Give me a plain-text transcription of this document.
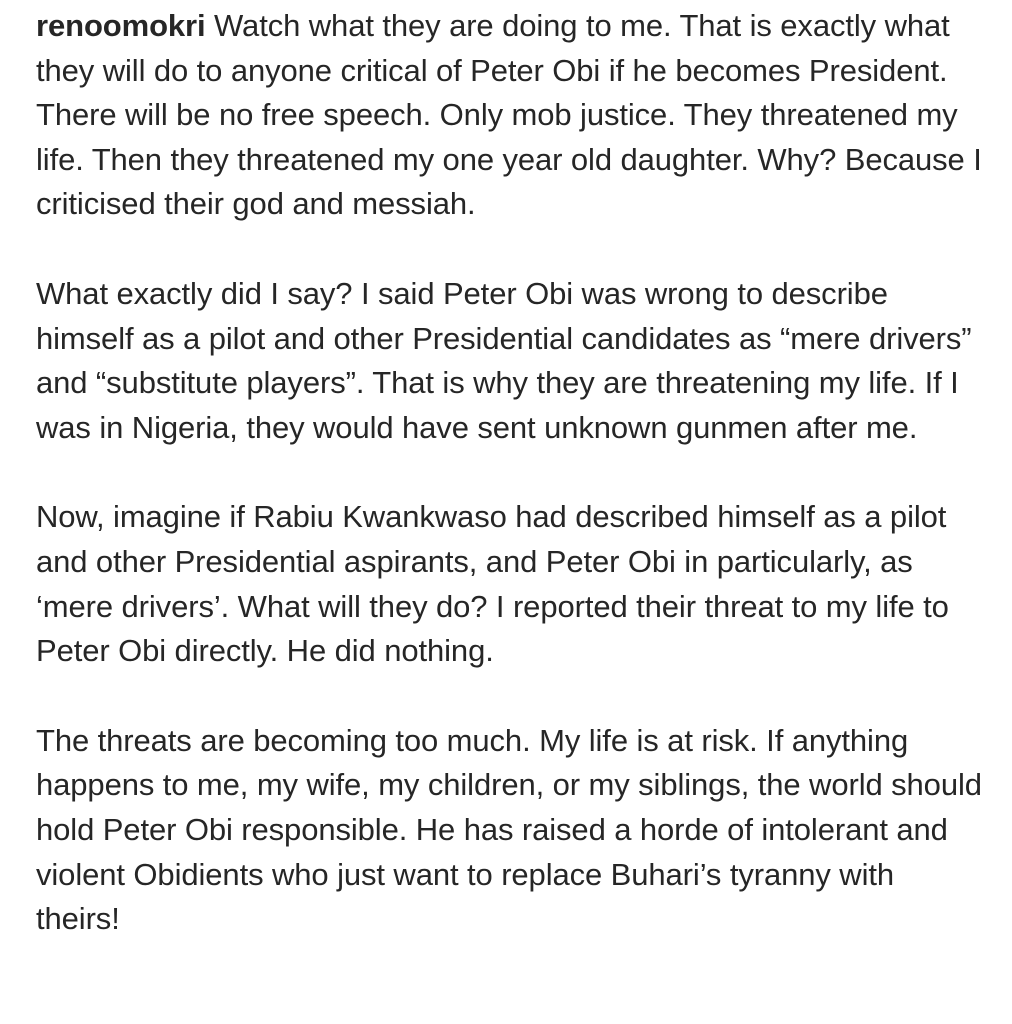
renoomokri Watch what they are doing to me. That is exactly what they will do to anyone critical of Peter Obi if he becomes President. There will be no free speech. Only mob justice. They threatened my life. Then they threatened my one year old daughter. Why? Because I criticised their god and messiah.

What exactly did I say? I said Peter Obi was wrong to describe himself as a pilot and other Presidential candidates as “mere drivers” and “substitute players”. That is why they are threatening my life. If I was in Nigeria, they would have sent unknown gunmen after me.

Now, imagine if Rabiu Kwankwaso had described himself as a pilot and other Presidential aspirants, and Peter Obi in particularly, as ‘mere drivers’. What will they do? I reported their threat to my life to Peter Obi directly. He did nothing.

The threats are becoming too much. My life is at risk. If anything happens to me, my wife, my children, or my siblings, the world should hold Peter Obi responsible. He has raised a horde of intolerant and violent Obidients who just want to replace Buhari’s tyranny with theirs!
